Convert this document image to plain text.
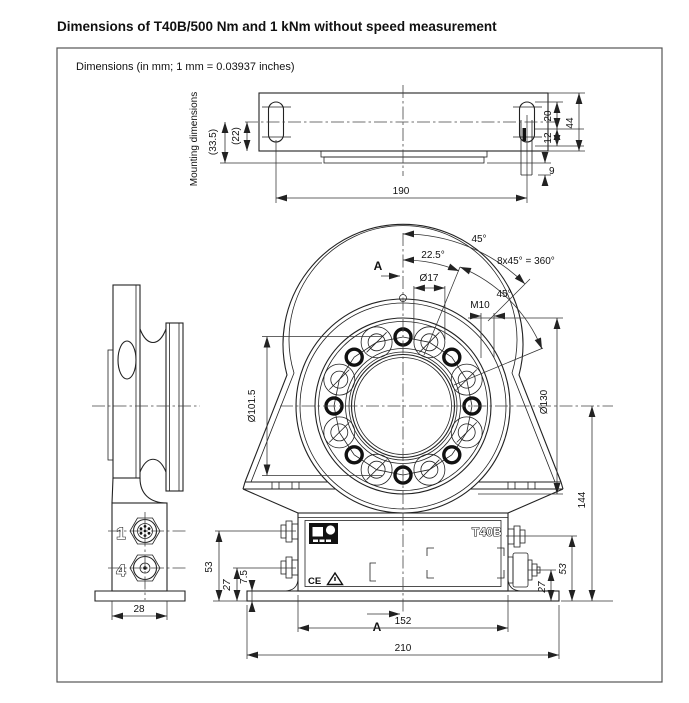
Dimensions of T40B/500 Nm and 1 kNm without speed measurement
Dimensions (in mm; 1 mm = 0.03937 inches)
Mounting dimensions (33.5) (22)
20
12
44
9
190
1
4
28
T40B
CE
A
A
22.5°
45°
8x45° = 360°
45°
Ø17
M10
Ø101.5	Ø130
144
53
27
53
27
7.5
152
210
